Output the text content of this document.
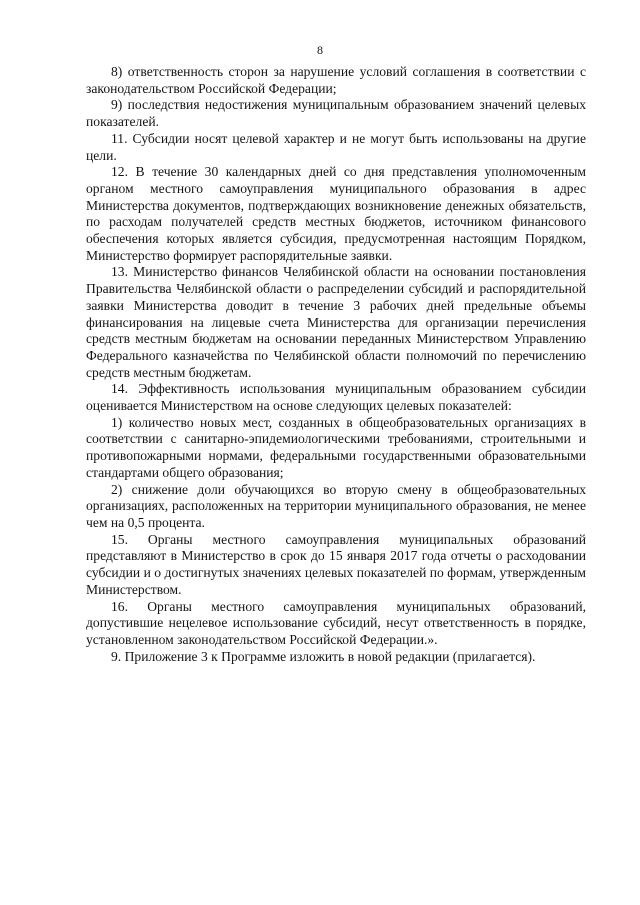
8

8) ответственность сторон за нарушение условий соглашения в соответствии с законодательством Российской Федерации;

9) последствия недостижения муниципальным образованием значений целевых показателей.

11. Субсидии носят целевой характер и не могут быть использованы на другие цели.

12. В течение 30 календарных дней со дня представления уполномоченным органом местного самоуправления муниципального образования в адрес Министерства документов, подтверждающих возникновение денежных обязательств, по расходам получателей средств местных бюджетов, источником финансового обеспечения которых является субсидия, предусмотренная настоящим Порядком, Министерство формирует распорядительные заявки.

13. Министерство финансов Челябинской области на основании постановления Правительства Челябинской области о распределении субсидий и распорядительной заявки Министерства доводит в течение 3 рабочих дней предельные объемы финансирования на лицевые счета Министерства для организации перечисления средств местным бюджетам на основании переданных Министерством Управлению Федерального казначейства по Челябинской области полномочий по перечислению средств местным бюджетам.

14. Эффективность использования муниципальным образованием субсидии оценивается Министерством на основе следующих целевых показателей:

1) количество новых мест, созданных в общеобразовательных организациях в соответствии с санитарно-эпидемиологическими требованиями, строительными и противопожарными нормами, федеральными государственными образовательными стандартами общего образования;

2) снижение доли обучающихся во вторую смену в общеобразовательных организациях, расположенных на территории муниципального образования, не менее чем на 0,5 процента.

15. Органы местного самоуправления муниципальных образований представляют в Министерство в срок до 15 января 2017 года отчеты о расходовании субсидии и о достигнутых значениях целевых показателей по формам, утвержденным Министерством.

16. Органы местного самоуправления муниципальных образований, допустившие нецелевое использование субсидий, несут ответственность в порядке, установленном законодательством Российской Федерации.».

9. Приложение 3 к Программе изложить в новой редакции (прилагается).
